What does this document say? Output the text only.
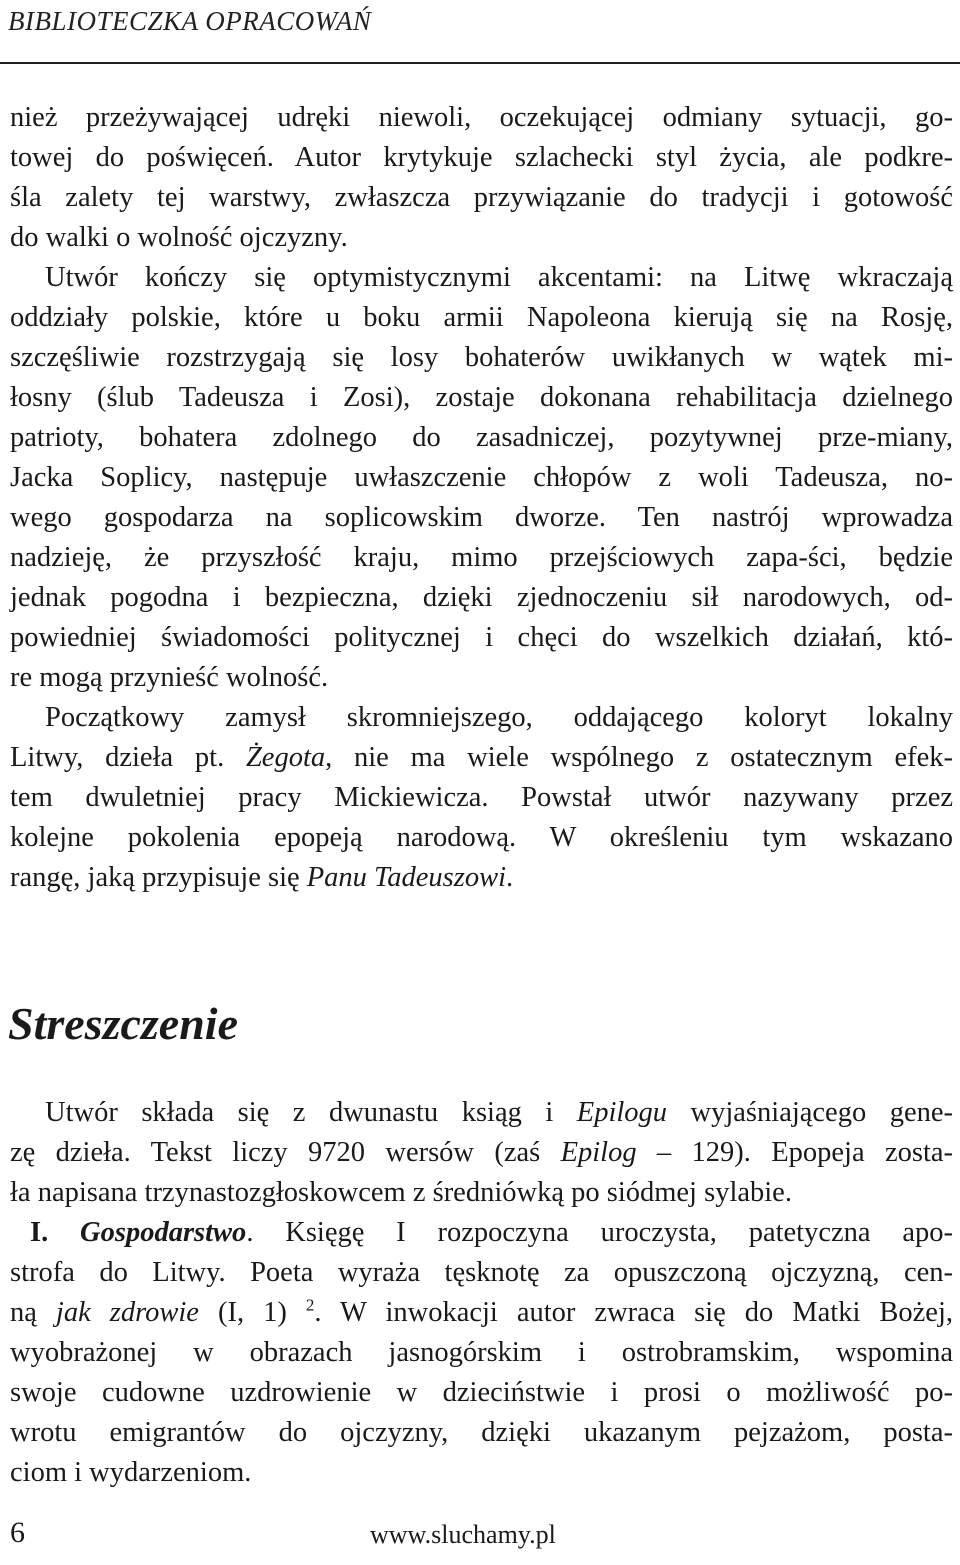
BIBLIOTECZKA OPRACOWAŃ
nież przeżywającej udręki niewoli, oczekującej odmiany sytuacji, go-
towej do poświęceń. Autor krytykuje szlachecki styl życia, ale podkre-
śla zalety tej warstwy, zwłaszcza przywiązanie do tradycji i gotowość
do walki o wolność ojczyzny.
Utwór kończy się optymistycznymi akcentami: na Litwę wkraczają
oddziały polskie, które u boku armii Napoleona kierują się na Rosję,
szczęśliwie rozstrzygają się losy bohaterów uwikłanych w wątek mi-
łosny (ślub Tadeusza i Zosi), zostaje dokonana rehabilitacja dzielnego
patrioty, bohatera zdolnego do zasadniczej, pozytywnej prze-miany,
Jacka Soplicy, następuje uwłaszczenie chłopów z woli Tadeusza, no-
wego gospodarza na soplicowskim dworze. Ten nastrój wprowadza
nadzieję, że przyszłość kraju, mimo przejściowych zapa-ści, będzie
jednak pogodna i bezpieczna, dzięki zjednoczeniu sił narodowych, od-
powiedniej świadomości politycznej i chęci do wszelkich działań, któ-
re mogą przynieść wolność.
Początkowy zamysł skromniejszego, oddającego koloryt lokalny
Litwy, dzieła pt. Żegota, nie ma wiele wspólnego z ostatecznym efek-
tem dwuletniej pracy Mickiewicza. Powstał utwór nazywany przez
kolejne pokolenia epopeją narodową. W określeniu tym wskazano
rangę, jaką przypisuje się Panu Tadeuszowi.
Streszczenie
Utwór składa się z dwunastu ksiąg i Epilogu wyjaśniającego gene-
zę dzieła. Tekst liczy 9720 wersów (zaś Epilog – 129). Epopeja zosta-
ła napisana trzynastozgłoskowcem z średniówką po siódmej sylabie.
I. Gospodarstwo. Księgę I rozpoczyna uroczysta, patetyczna apo-
strofa do Litwy. Poeta wyraża tęsknotę za opuszczoną ojczyzną, cen-
ną jak zdrowie (I, 1) $^2$. W inwokacji autor zwraca się do Matki Bożej,
wyobrażonej w obrazach jasnogórskim i ostrobramskim, wspomina
swoje cudowne uzdrowienie w dzieciństwie i prosi o możliwość po-
wrotu emigrantów do ojczyzny, dzięki ukazanym pejzażom, posta-
ciom i wydarzeniom.
6	www.sluchamy.pl
